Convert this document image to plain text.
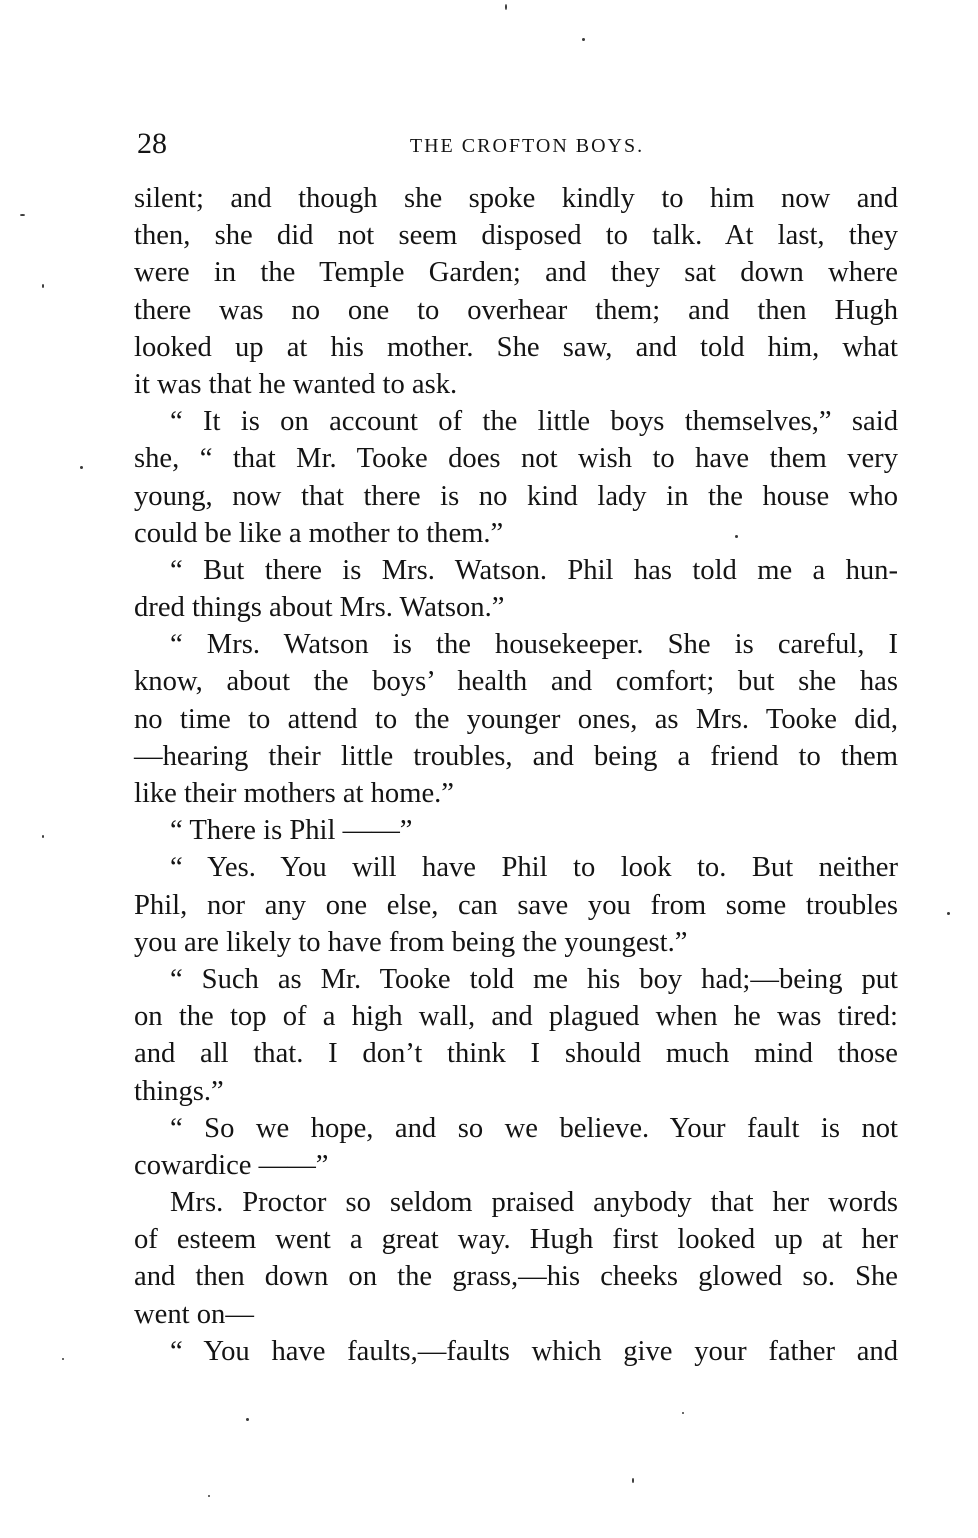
28	THE CROFTON BOYS.
silent; and though she spoke kindly to him now and
then, she did not seem disposed to talk. At last, they
were in the Temple Garden; and they sat down where
there was no one to overhear them; and then Hugh
looked up at his mother. She saw, and told him, what
it was that he wanted to ask.
“ It is on account of the little boys themselves,” said
she, “ that Mr. Tooke does not wish to have them very
young, now that there is no kind lady in the house who
could be like a mother to them.”
“ But there is Mrs. Watson. Phil has told me a hun-
dred things about Mrs. Watson.”
“ Mrs. Watson is the housekeeper. She is careful, I
know, about the boys’ health and comfort; but she has
no time to attend to the younger ones, as Mrs. Tooke did,
—hearing their little troubles, and being a friend to them
like their mothers at home.”
“ There is Phil ——”
“ Yes. You will have Phil to look to. But neither
Phil, nor any one else, can save you from some troubles
you are likely to have from being the youngest.”
“ Such as Mr. Tooke told me his boy had;—being put
on the top of a high wall, and plagued when he was tired:
and all that. I don’t think I should much mind those
things.”
“ So we hope, and so we believe. Your fault is not
cowardice ——”
Mrs. Proctor so seldom praised anybody that her words
of esteem went a great way. Hugh first looked up at her
and then down on the grass,—his cheeks glowed so. She
went on—
“ You have faults,—faults which give your father and
